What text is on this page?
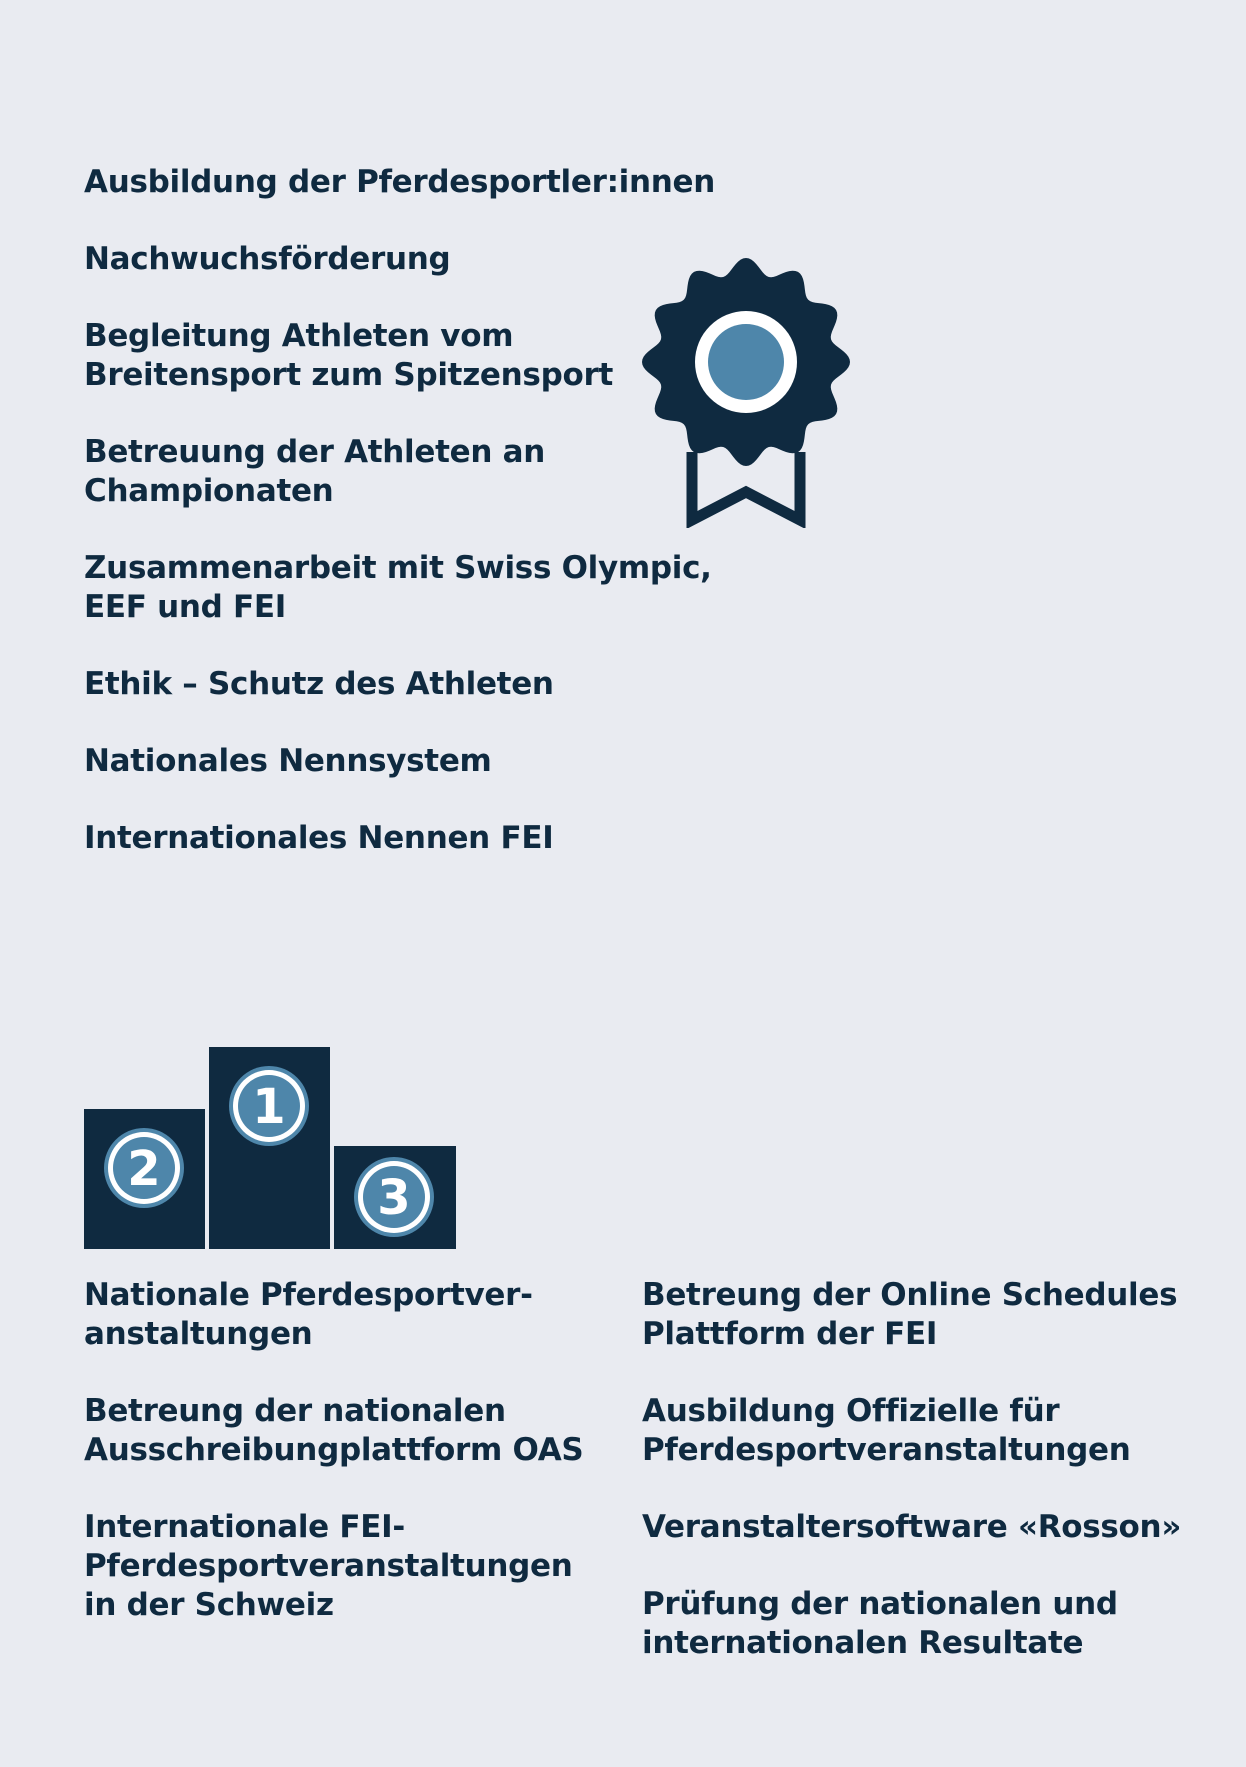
Ausbildung der Pferdesportler:innen
Nachwuchsförderung
Begleitung Athleten vom
Breitensport zum Spitzensport
Betreuung der Athleten an
Championaten
Zusammenarbeit mit Swiss Olympic,
EEF und FEI
Ethik – Schutz des Athleten
Nationales Nennsystem
Internationales Nennen FEI
2
1
3
Nationale Pferdesportver-
anstaltungen
Betreung der nationalen
Ausschreibungplattform OAS
Internationale FEI-
Pferdesportveranstaltungen
in der Schweiz
Betreung der Online Schedules
Plattform der FEI
Ausbildung Offizielle für
Pferdesportveranstaltungen
Veranstaltersoftware «Rosson»
Prüfung der nationalen und
internationalen Resultate
